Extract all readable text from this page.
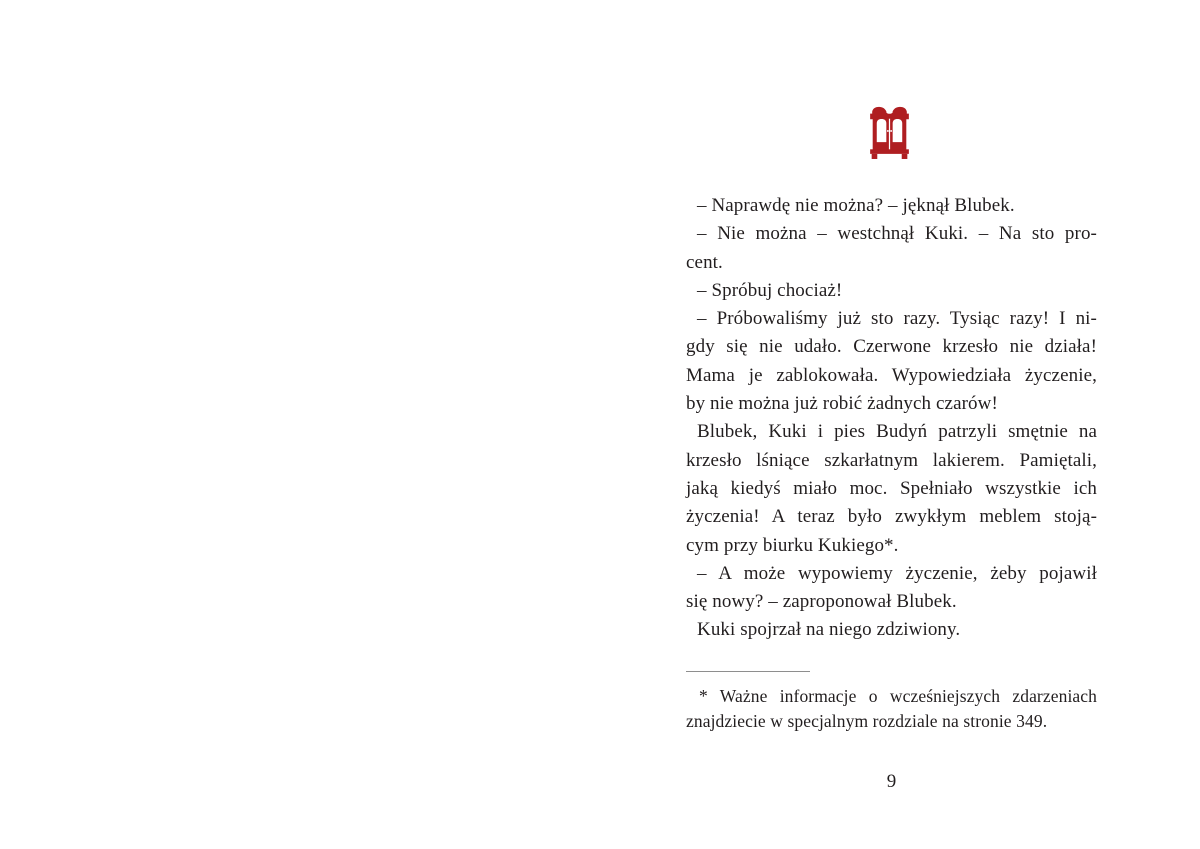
– Naprawdę nie można? – jęknął Blubek.
– Nie można – westchnął Kuki. – Na sto pro-
cent.
– Spróbuj chociaż!
– Próbowaliśmy już sto razy. Tysiąc razy! I ni-
gdy się nie udało. Czerwone krzesło nie działa!
Mama je zablokowała. Wypowiedziała życzenie,
by nie można już robić żadnych czarów!
Blubek, Kuki i pies Budyń patrzyli smętnie na
krzesło lśniące szkarłatnym lakierem. Pamiętali,
jaką kiedyś miało moc. Spełniało wszystkie ich
życzenia! A teraz było zwykłym meblem stoją-
cym przy biurku Kukiego*.
– A może wypowiemy życzenie, żeby pojawił
się nowy? – zaproponował Blubek.
Kuki spojrzał na niego zdziwiony.
* Ważne informacje o wcześniejszych zdarzeniach
znajdziecie w specjalnym rozdziale na stronie 349.
9
